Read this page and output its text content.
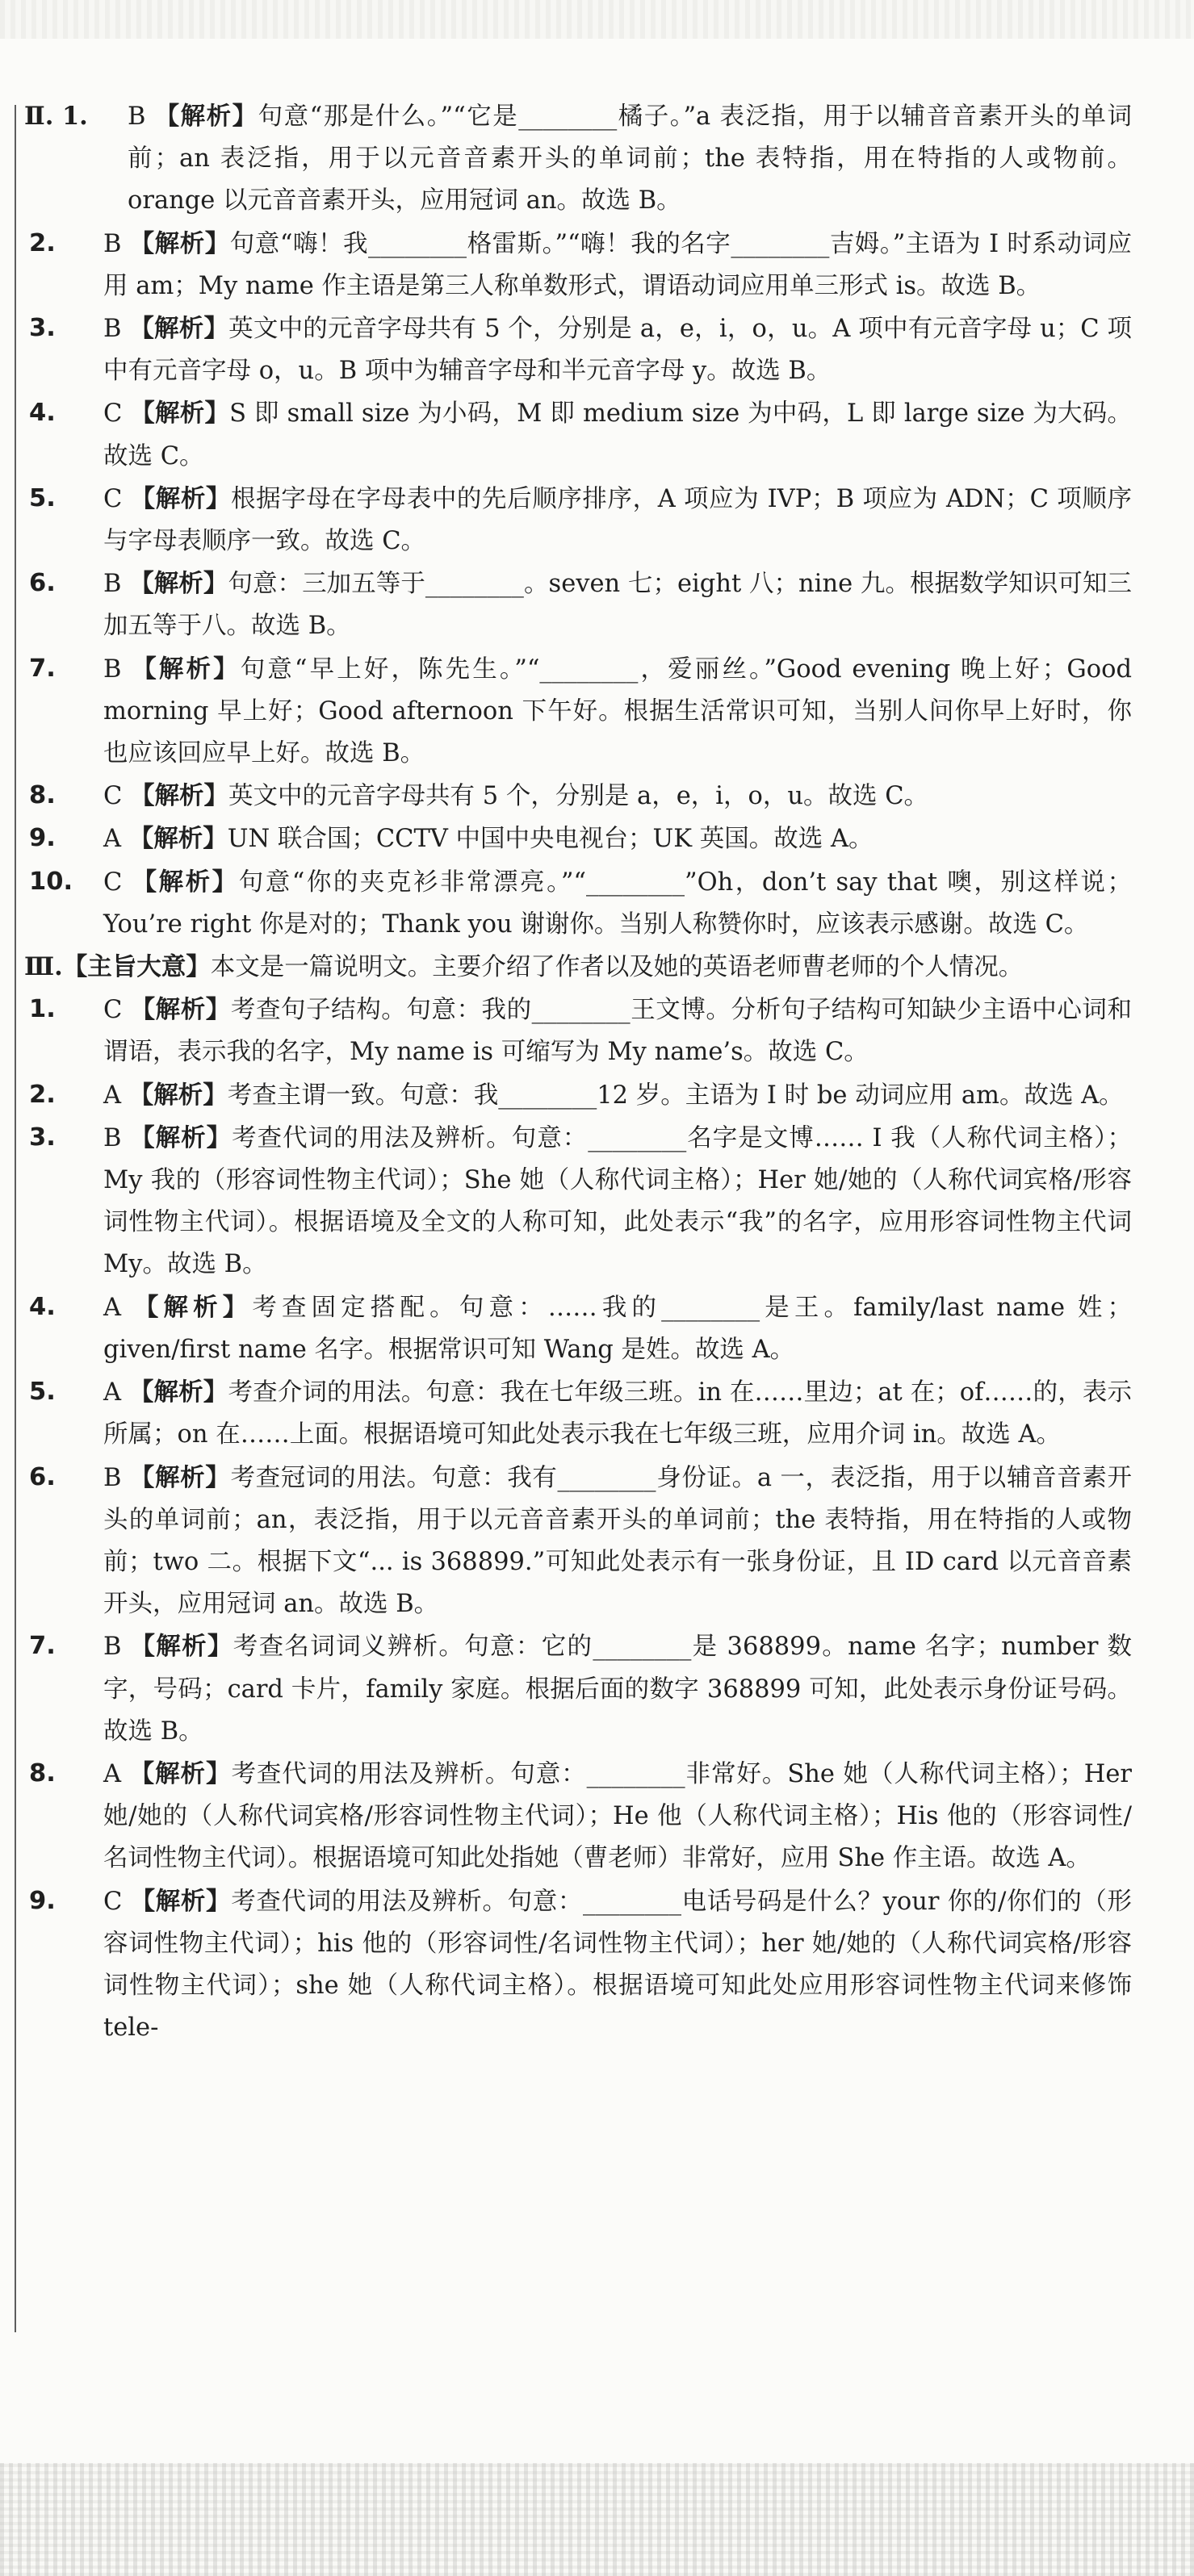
Ⅱ. 1.	B 【解析】句意“那是什么。”“它是________橘子。”a 表泛指，用于以辅音音素开头的单词前；an 表泛指，用于以元音音素开头的单词前；the 表特指，用在特指的人或物前。orange 以元音音素开头，应用冠词 an。故选 B。
2.	B 【解析】句意“嗨！我________格雷斯。”“嗨！我的名字________吉姆。”主语为 I 时系动词应用 am；My name 作主语是第三人称单数形式，谓语动词应用单三形式 is。故选 B。
3.	B 【解析】英文中的元音字母共有 5 个，分别是 a，e，i，o，u。A 项中有元音字母 u；C 项中有元音字母 o，u。B 项中为辅音字母和半元音字母 y。故选 B。
4.	C 【解析】S 即 small size 为小码，M 即 medium size 为中码，L 即 large size 为大码。故选 C。
5.	C 【解析】根据字母在字母表中的先后顺序排序，A 项应为 IVP；B 项应为 ADN；C 项顺序与字母表顺序一致。故选 C。
6.	B 【解析】句意：三加五等于________。seven 七；eight 八；nine 九。根据数学知识可知三加五等于八。故选 B。
7.	B 【解析】句意“早上好，陈先生。”“________，爱丽丝。”Good evening 晚上好；Good morning 早上好；Good afternoon 下午好。根据生活常识可知，当别人问你早上好时，你也应该回应早上好。故选 B。
8.	C 【解析】英文中的元音字母共有 5 个，分别是 a，e，i，o，u。故选 C。
9.	A 【解析】UN 联合国；CCTV 中国中央电视台；UK 英国。故选 A。
10.	C 【解析】句意“你的夹克衫非常漂亮。”“________”Oh，don’t say that 噢，别这样说；You’re right 你是对的；Thank you 谢谢你。当别人称赞你时，应该表示感谢。故选 C。
Ⅲ.【主旨大意】本文是一篇说明文。主要介绍了作者以及她的英语老师曹老师的个人情况。
1.	C 【解析】考查句子结构。句意：我的________王文博。分析句子结构可知缺少主语中心词和谓语，表示我的名字，My name is 可缩写为 My name’s。故选 C。
2.	A 【解析】考查主谓一致。句意：我________12 岁。主语为 I 时 be 动词应用 am。故选 A。
3.	B 【解析】考查代词的用法及辨析。句意：________名字是文博…… I 我（人称代词主格）；My 我的（形容词性物主代词）；She 她（人称代词主格）；Her 她/她的（人称代词宾格/形容词性物主代词）。根据语境及全文的人称可知，此处表示“我”的名字，应用形容词性物主代词 My。故选 B。
4.	A 【解析】考查固定搭配。句意：……我的________是王。family/last name 姓；given/first name 名字。根据常识可知 Wang 是姓。故选 A。
5.	A 【解析】考查介词的用法。句意：我在七年级三班。in 在……里边；at 在；of……的，表示所属；on 在……上面。根据语境可知此处表示我在七年级三班，应用介词 in。故选 A。
6.	B 【解析】考查冠词的用法。句意：我有________身份证。a 一，表泛指，用于以辅音音素开头的单词前；an，表泛指，用于以元音音素开头的单词前；the 表特指，用在特指的人或物前；two 二。根据下文“... is 368899.”可知此处表示有一张身份证，且 ID card 以元音音素开头，应用冠词 an。故选 B。
7.	B 【解析】考查名词词义辨析。句意：它的________是 368899。name 名字；number 数字，号码；card 卡片，family 家庭。根据后面的数字 368899 可知，此处表示身份证号码。故选 B。
8.	A 【解析】考查代词的用法及辨析。句意：________非常好。She 她（人称代词主格）；Her 她/她的（人称代词宾格/形容词性物主代词）；He 他（人称代词主格）；His 他的（形容词性/名词性物主代词）。根据语境可知此处指她（曹老师）非常好，应用 She 作主语。故选 A。
9.	C 【解析】考查代词的用法及辨析。句意：________电话号码是什么？your 你的/你们的（形容词性物主代词）；his 他的（形容词性/名词性物主代词）；her 她/她的（人称代词宾格/形容词性物主代词）；she 她（人称代词主格）。根据语境可知此处应用形容词性物主代词来修饰 tele-
